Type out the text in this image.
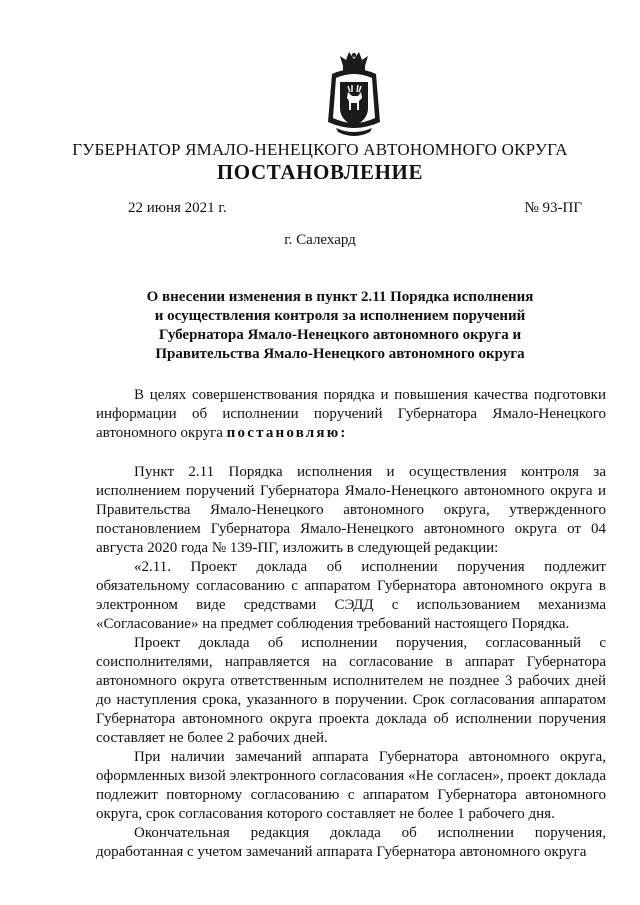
ГУБЕРНАТОР ЯМАЛО-НЕНЕЦКОГО АВТОНОМНОГО ОКРУГА
ПОСТАНОВЛЕНИЕ
22 июня 2021 г.	№ 93-ПГ
г. Салехард
О внесении изменения в пункт 2.11 Порядка исполнения
и осуществления контроля за исполнением поручений
Губернатора Ямало-Ненецкого автономного округа и
Правительства Ямало-Ненецкого автономного округа

В целях совершенствования порядка и повышения качества подготовки информации об исполнении поручений Губернатора Ямало-Ненецкого автономного округа постановляю:

Пункт 2.11 Порядка исполнения и осуществления контроля за исполнением поручений Губернатора Ямало-Ненецкого автономного округа и Правительства Ямало-Ненецкого автономного округа, утвержденного постановлением Губернатора Ямало-Ненецкого автономного округа от 04 августа 2020 года № 139-ПГ, изложить в следующей редакции:

«2.11. Проект доклада об исполнении поручения подлежит обязательному согласованию с аппаратом Губернатора автономного округа в электронном виде средствами СЭДД с использованием механизма «Согласование» на предмет соблюдения требований настоящего Порядка.

Проект доклада об исполнении поручения, согласованный с соисполнителями, направляется на согласование в аппарат Губернатора автономного округа ответственным исполнителем не позднее 3 рабочих дней до наступления срока, указанного в поручении. Срок согласования аппаратом Губернатора автономного округа проекта доклада об исполнении поручения составляет не более 2 рабочих дней.

При наличии замечаний аппарата Губернатора автономного округа, оформленных визой электронного согласования «Не согласен», проект доклада подлежит повторному согласованию с аппаратом Губернатора автономного округа, срок согласования которого составляет не более 1 рабочего дня.

Окончательная редакция доклада об исполнении поручения, доработанная с учетом замечаний аппарата Губернатора автономного округа
